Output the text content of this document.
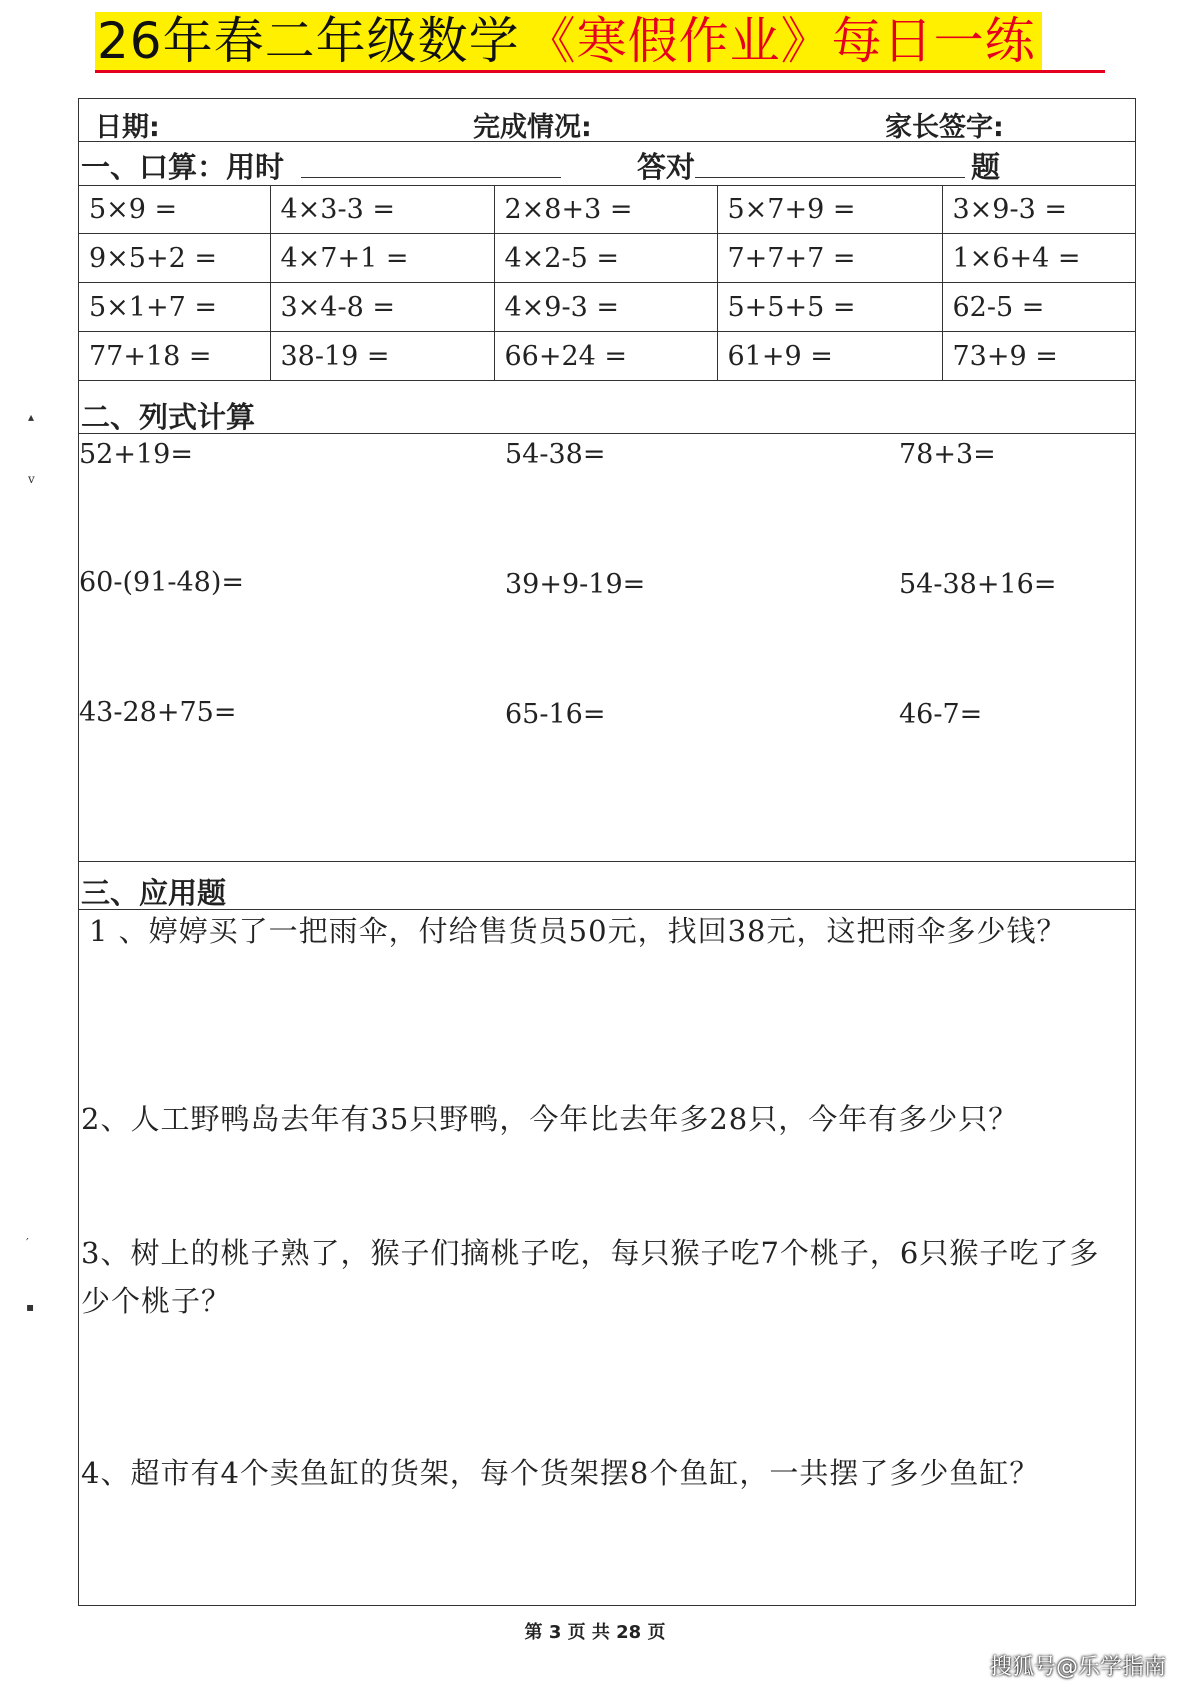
26年春二年级数学 《寒假作业》每日一练
▴
v
′
▪
日期:	完成情况:	家长签字:
一、口算：用时	答对	题
5×9 =	4×3-3 =	2×8+3 =	5×7+9 =	3×9-3 =
9×5+2 =	4×7+1 =	4×2-5 =	7+7+7 =	1×6+4 =
5×1+7 =	3×4-8 =	4×9-3 =	5+5+5 =	62-5 =
77+18 =	38-19 =	66+24 =	61+9 =	73+9 =
二、列式计算
52+19=	54-38=	78+3=
60-(91-48)=	39+9-19=	54-38+16=
43-28+75=	65-16=	46-7=
三、应用题
1 、婷婷买了一把雨伞，付给售货员50元，找回38元，这把雨伞多少钱？
2、人工野鸭岛去年有35只野鸭，今年比去年多28只，今年有多少只？
3、树上的桃子熟了，猴子们摘桃子吃，每只猴子吃7个桃子，6只猴子吃了多少个桃子？
4、超市有4个卖鱼缸的货架，每个货架摆8个鱼缸，一共摆了多少鱼缸？
第 3 页 共 28 页
搜狐号@乐学指南
